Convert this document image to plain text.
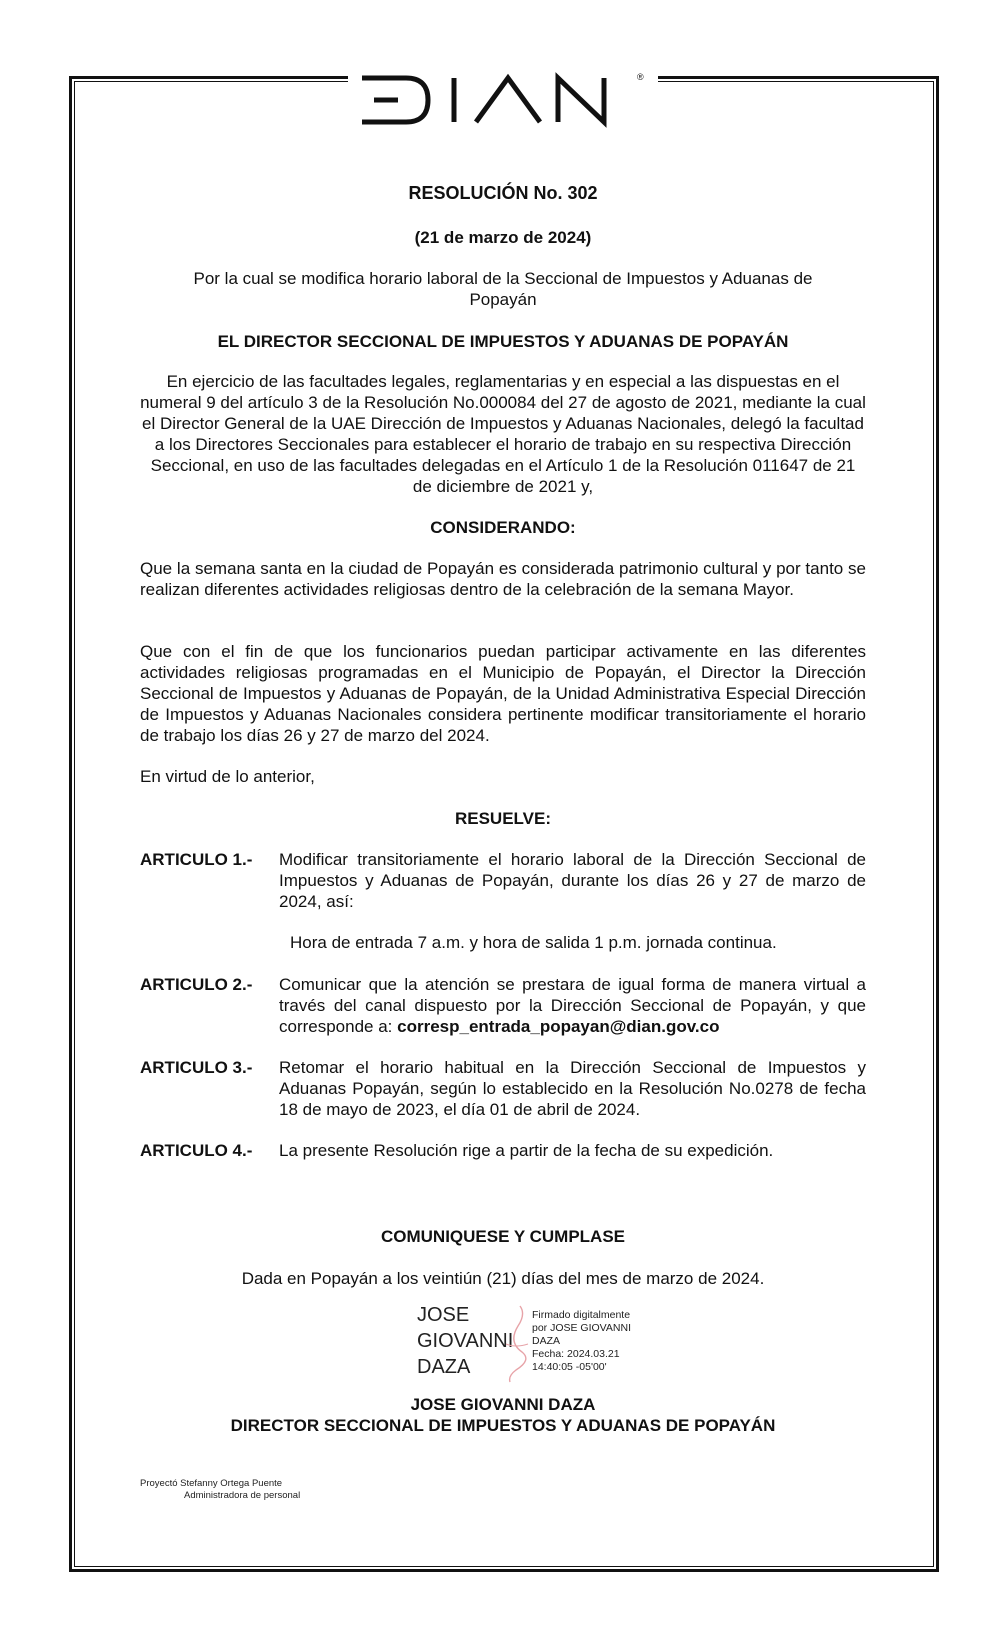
DIAN
®
RESOLUCIÓN No. 302
(21 de marzo de 2024)
Por la cual se modifica horario laboral de la Seccional de Impuestos y Aduanas de Popayán
EL DIRECTOR SECCIONAL DE IMPUESTOS Y ADUANAS DE POPAYÁN
En ejercicio de las facultades legales, reglamentarias y en especial a las dispuestas en el numeral 9 del artículo 3 de la Resolución No.000084 del 27 de agosto de 2021, mediante la cual el Director General de la UAE Dirección de Impuestos y Aduanas Nacionales, delegó la facultad a los Directores Seccionales para establecer el horario de trabajo en su respectiva Dirección Seccional, en uso de las facultades delegadas en el Artículo 1 de la Resolución 011647 de 21 de diciembre de 2021 y,
CONSIDERANDO:
Que la semana santa en la ciudad de Popayán es considerada patrimonio cultural y por tanto se realizan diferentes actividades religiosas dentro de la celebración de la semana Mayor.
Que con el fin de que los funcionarios puedan participar activamente en las diferentes actividades religiosas programadas en el Municipio de Popayán, el Director la Dirección Seccional de Impuestos y Aduanas de Popayán, de la Unidad Administrativa Especial Dirección de Impuestos y Aduanas Nacionales considera pertinente modificar transitoriamente el horario de trabajo los días 26 y 27 de marzo del 2024.
En virtud de lo anterior,
RESUELVE:
ARTICULO 1.- Modificar transitoriamente el horario laboral de la Dirección Seccional de Impuestos y Aduanas de Popayán, durante los días 26 y 27 de marzo de 2024, así:
Hora de entrada 7 a.m. y hora de salida 1 p.m. jornada continua.
ARTICULO 2.- Comunicar que la atención se prestara de igual forma de manera virtual a través del canal dispuesto por la Dirección Seccional de Popayán, y que corresponde a: corresp_entrada_popayan@dian.gov.co
ARTICULO 3.- Retomar el horario habitual en la Dirección Seccional de Impuestos y Aduanas Popayán, según lo establecido en la Resolución No.0278 de fecha 18 de mayo de 2023, el día 01 de abril de 2024.
ARTICULO 4.- La presente Resolución rige a partir de la fecha de su expedición.
COMUNIQUESE Y CUMPLASE
Dada en Popayán a los veintiún (21) días del mes de marzo de 2024.
JOSE
GIOVANNI
DAZA
Firmado digitalmente
por JOSE GIOVANNI
DAZA
Fecha: 2024.03.21
14:40:05 -05'00'
JOSE GIOVANNI DAZA
DIRECTOR SECCIONAL DE IMPUESTOS Y ADUANAS DE POPAYÁN
Proyectó Stefanny Ortega Puente
Administradora de personal
